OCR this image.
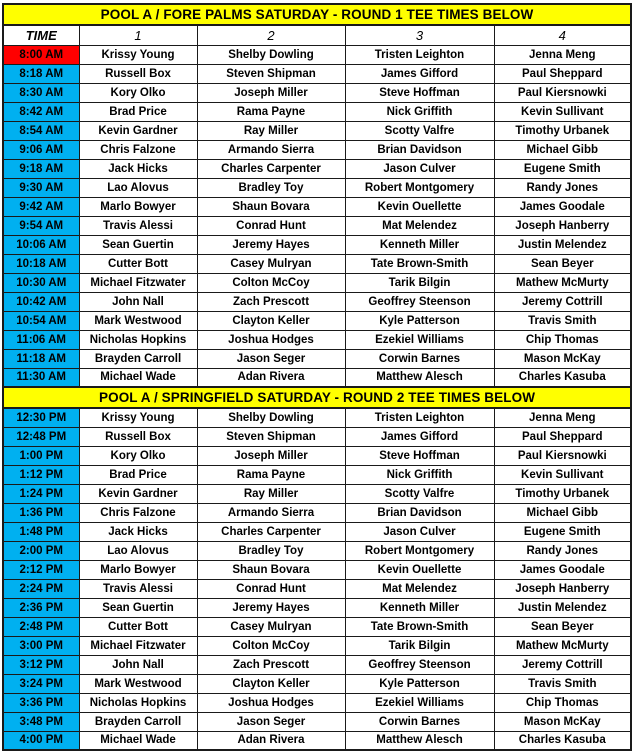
POOL A / FORE PALMS SATURDAY - ROUND 1 TEE TIMES BELOW				
TIME	1	2	3	4
8:00 AM	Krissy Young	Shelby Dowling	Tristen Leighton	Jenna Meng
8:18 AM	Russell Box	Steven Shipman	James Gifford	Paul Sheppard
8:30 AM	Kory Olko	Joseph Miller	Steve Hoffman	Paul Kiersnowki
8:42 AM	Brad Price	Rama Payne	Nick Griffith	Kevin Sullivant
8:54 AM	Kevin Gardner	Ray Miller	Scotty Valfre	Timothy Urbanek
9:06 AM	Chris Falzone	Armando Sierra	Brian Davidson	Michael Gibb
9:18 AM	Jack Hicks	Charles Carpenter	Jason Culver	Eugene Smith
9:30 AM	Lao Alovus	Bradley Toy	Robert Montgomery	Randy Jones
9:42 AM	Marlo Bowyer	Shaun Bovara	Kevin Ouellette	James Goodale
9:54 AM	Travis Alessi	Conrad Hunt	Mat Melendez	Joseph Hanberry
10:06 AM	Sean Guertin	Jeremy Hayes	Kenneth Miller	Justin Melendez
10:18 AM	Cutter Bott	Casey Mulryan	Tate Brown-Smith	Sean Beyer
10:30 AM	Michael Fitzwater	Colton McCoy	Tarik Bilgin	Mathew McMurty
10:42 AM	John Nall	Zach Prescott	Geoffrey Steenson	Jeremy Cottrill
10:54 AM	Mark Westwood	Clayton Keller	Kyle Patterson	Travis Smith
11:06 AM	Nicholas Hopkins	Joshua Hodges	Ezekiel Williams	Chip Thomas
11:18 AM	Brayden Carroll	Jason Seger	Corwin Barnes	Mason McKay
11:30 AM	Michael Wade	Adan Rivera	Matthew Alesch	Charles Kasuba
POOL A / SPRINGFIELD SATURDAY - ROUND 2 TEE TIMES BELOW				
12:30 PM	Krissy Young	Shelby Dowling	Tristen Leighton	Jenna Meng
12:48 PM	Russell Box	Steven Shipman	James Gifford	Paul Sheppard
1:00 PM	Kory Olko	Joseph Miller	Steve Hoffman	Paul Kiersnowki
1:12 PM	Brad Price	Rama Payne	Nick Griffith	Kevin Sullivant
1:24 PM	Kevin Gardner	Ray Miller	Scotty Valfre	Timothy Urbanek
1:36 PM	Chris Falzone	Armando Sierra	Brian Davidson	Michael Gibb
1:48 PM	Jack Hicks	Charles Carpenter	Jason Culver	Eugene Smith
2:00 PM	Lao Alovus	Bradley Toy	Robert Montgomery	Randy Jones
2:12 PM	Marlo Bowyer	Shaun Bovara	Kevin Ouellette	James Goodale
2:24 PM	Travis Alessi	Conrad Hunt	Mat Melendez	Joseph Hanberry
2:36 PM	Sean Guertin	Jeremy Hayes	Kenneth Miller	Justin Melendez
2:48 PM	Cutter Bott	Casey Mulryan	Tate Brown-Smith	Sean Beyer
3:00 PM	Michael Fitzwater	Colton McCoy	Tarik Bilgin	Mathew McMurty
3:12 PM	John Nall	Zach Prescott	Geoffrey Steenson	Jeremy Cottrill
3:24 PM	Mark Westwood	Clayton Keller	Kyle Patterson	Travis Smith
3:36 PM	Nicholas Hopkins	Joshua Hodges	Ezekiel Williams	Chip Thomas
3:48 PM	Brayden Carroll	Jason Seger	Corwin Barnes	Mason McKay
4:00 PM	Michael Wade	Adan Rivera	Matthew Alesch	Charles Kasuba
